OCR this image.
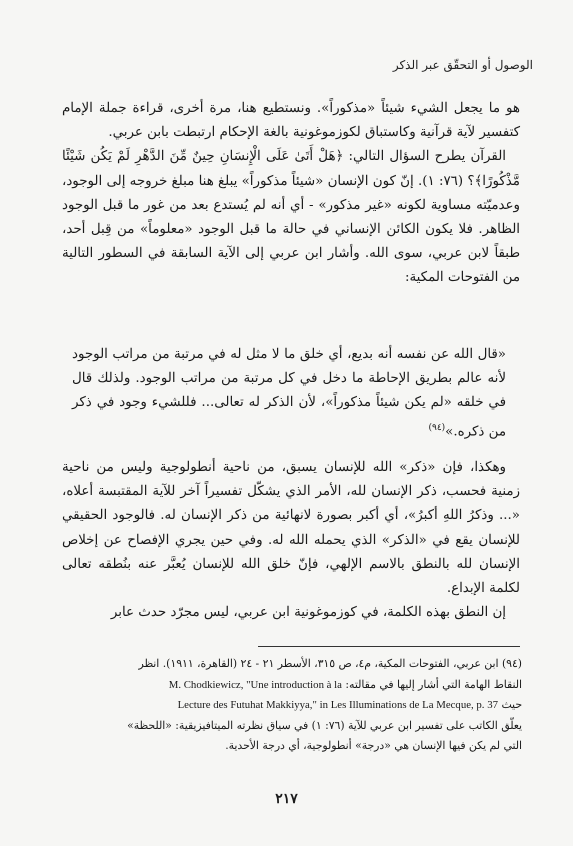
الوصول أو التحقّق عبر الذكر

هو ما يجعل الشيء شيئاً «مذكوراً». ونستطيع هنا، مرة أخرى، قراءة جملة الإمام كتفسير لآية قرآنية وكاستباق لكوزموغونية بالغة الإحكام ارتبطت بابن عربي.

القرآن يطرح السؤال التالي: ﴿هَلْ أَتَىٰ عَلَى الْإِنسَانِ حِينٌ مِّنَ الدَّهْرِ لَمْ يَكُن شَيْئًا مَّذْكُورًا﴾؟ (٧٦: ١). إنّ كون الإنسان «شيئاً مذكوراً» يبلغ هنا مبلغ خروجه إلى الوجود، وعدميّته مساوية لكونه «غير مذكور» - أي أنه لم يُستدع بعد من غور ما قبل الوجود الظاهر. فلا يكون الكائن الإنساني في حالة ما قبل الوجود «معلوماً» من قِبل أحد، طبقاً لابن عربي، سوى الله. وأشار ابن عربي إلى الآية السابقة في السطور التالية من الفتوحات المكية:

«قال الله عن نفسه أنه بديع، أي خلق ما لا مثل له في مرتبة من مراتب الوجود لأنه عالم بطريق الإحاطة ما دخل في كل مرتبة من مراتب الوجود. ولذلك قال في خلقه «لم يكن شيئاً مذكوراً»، لأن الذكر له تعالى... فللشيء وجود في ذكر من ذكره.»$^{(٩٤)}$

وهكذا، فإن «ذكر» الله للإنسان يسبق، من ناحية أنطولوجية وليس من ناحية زمنية فحسب، ذكر الإنسان لله، الأمر الذي يشكّل تفسيراً آخر للآية المقتبسة أعلاه، «... وذكرُ اللهِ أكبرُ»، أي أكبر بصورة لانهائية من ذكر الإنسان له. فالوجود الحقيقي للإنسان يقع في «الذكر» الذي يحمله الله له. وفي حين يجري الإفصاح عن إخلاص الإنسان لله بالنطق بالاسم الإلهي، فإنّ خلق الله للإنسان يُعبَّر عنه بنُطقه تعالى لكلمة الإبداع.

إن النطق بهذه الكلمة، في كوزموغونية ابن عربي، ليس مجرّد حدث عابر

(٩٤) ابن عربي، الفتوحات المكية، م٤، ص ٣١٥، الأسطر ٢١ - ٢٤ (القاهرة، ١٩١١). انظر

النقاط الهامة التي أشار إليها في مقالته: M. Chodkiewicz, "Une introduction à la

حيث Lecture des Futuhat Makkiyya," in Les Illuminations de La Mecque, p. 37

يعلّق الكاتب على تفسير ابن عربي للآية (٧٦: ١) في سياق نظرته الميتافيزيقية: «اللحظة»

التي لم يكن فيها الإنسان هي «درجة» أنطولوجية، أي درجة الأحدية.

٢١٧
